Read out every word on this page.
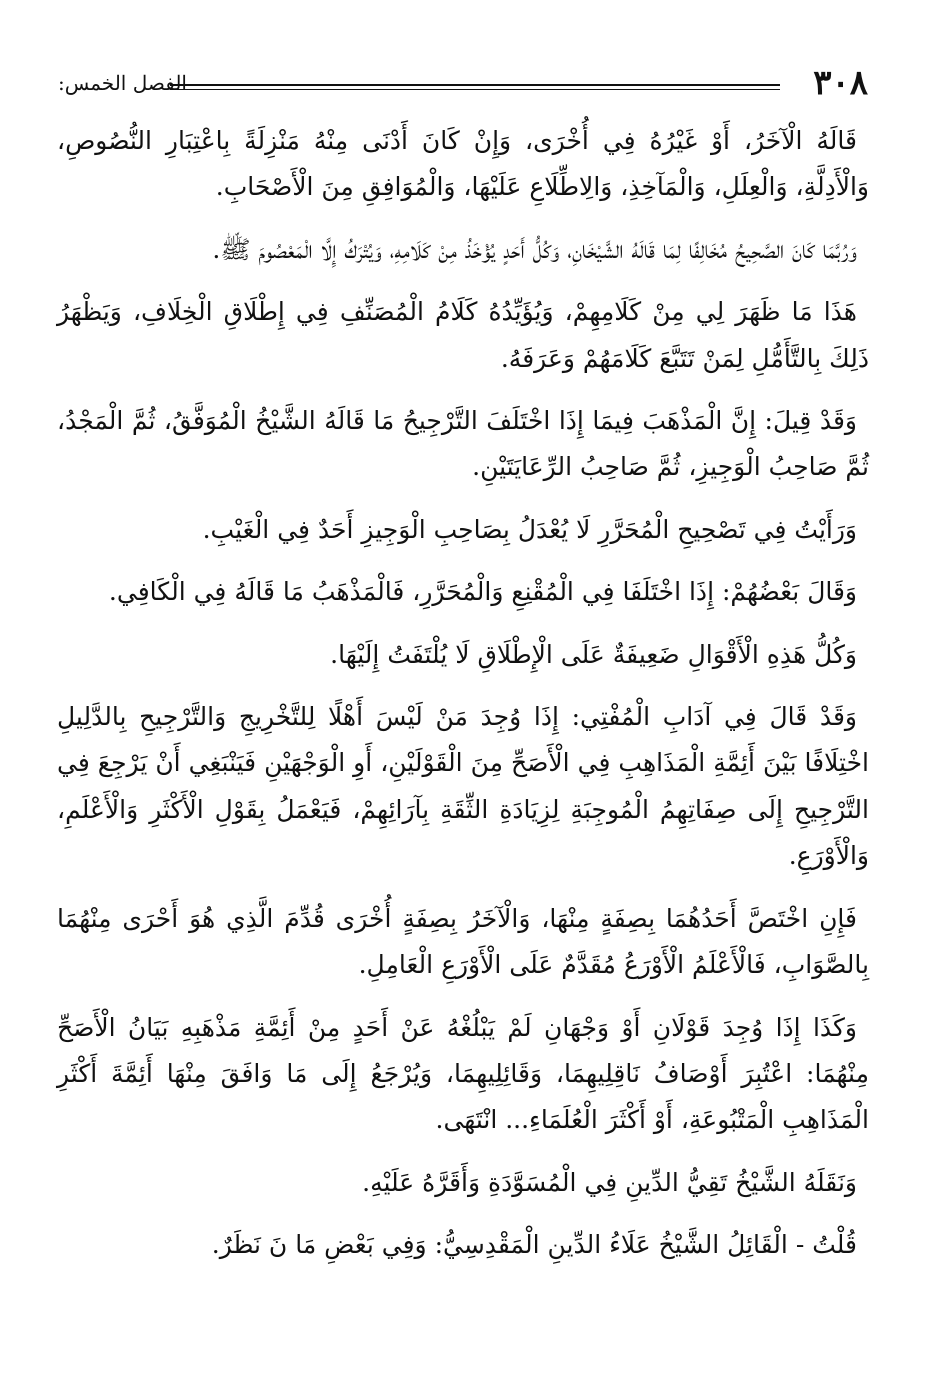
٣٠٨
الفصل الخمس:

قَالَهُ الْآخَرُ، أَوْ غَيْرُهُ فِي أُخْرَى، وَإِنْ كَانَ أَدْنَى مِنْهُ مَنْزِلَةً بِاعْتِبَارِ النُّصُوصِ، وَالْأَدِلَّةِ، وَالْعِلَلِ، وَالْمَآخِذِ، وَالِاطِّلَاعِ عَلَيْهَا، وَالْمُوَافِقِ مِنَ الْأَصْحَابِ.

وَرُبَّمَا كَانَ الصَّحِيحُ مُخَالِفًا لِمَا قَالَهُ الشَّيْخَانِ، وَكُلُّ أَحَدٍ يُؤْخَذُ مِنْ كَلَامِهِ، وَيُتْرَكُ إِلَّا الْمَعْصُومَ ﷺ.

هَذَا مَا ظَهَرَ لِي مِنْ كَلَامِهِمْ، وَيُؤَيِّدُهُ كَلَامُ الْمُصَنِّفِ فِي إِطْلَاقِ الْخِلَافِ، وَيَظْهَرُ ذَلِكَ بِالتَّأَمُّلِ لِمَنْ تَتَبَّعَ كَلَامَهُمْ وَعَرَفَهُ.

وَقَدْ قِيلَ: إِنَّ الْمَذْهَبَ فِيمَا إِذَا اخْتَلَفَ التَّرْجِيحُ مَا قَالَهُ الشَّيْخُ الْمُوَفَّقُ، ثُمَّ الْمَجْدُ، ثُمَّ صَاحِبُ الْوَجِيزِ، ثُمَّ صَاحِبُ الرِّعَايَتَيْنِ.

وَرَأَيْتُ فِي تَصْحِيحِ الْمُحَرَّرِ لَا يُعْدَلُ بِصَاحِبِ الْوَجِيزِ أَحَدٌ فِي الْغَيْبِ.

وَقَالَ بَعْضُهُمْ: إِذَا اخْتَلَفَا فِي الْمُقْنِعِ وَالْمُحَرَّرِ، فَالْمَذْهَبُ مَا قَالَهُ فِي الْكَافِي.

وَكُلُّ هَذِهِ الْأَقْوَالِ ضَعِيفَةٌ عَلَى الْإِطْلَاقِ لَا يُلْتَفَتُ إِلَيْهَا.

وَقَدْ قَالَ فِي آدَابِ الْمُفْتِي: إِذَا وُجِدَ مَنْ لَيْسَ أَهْلًا لِلتَّخْرِيجِ وَالتَّرْجِيحِ بِالدَّلِيلِ اخْتِلَافًا بَيْنَ أَئِمَّةِ الْمَذَاهِبِ فِي الْأَصَحِّ مِنَ الْقَوْلَيْنِ، أَوِ الْوَجْهَيْنِ فَيَنْبَغِي أَنْ يَرْجِعَ فِي التَّرْجِيحِ إِلَى صِفَاتِهِمُ الْمُوجِبَةِ لِزِيَادَةِ الثِّقَةِ بِآرَائِهِمْ، فَيَعْمَلُ بِقَوْلِ الْأَكْثَرِ وَالْأَعْلَمِ، وَالْأَوْرَعِ.

فَإِنِ اخْتَصَّ أَحَدُهُمَا بِصِفَةٍ مِنْهَا، وَالْآخَرُ بِصِفَةٍ أُخْرَى قُدِّمَ الَّذِي هُوَ أَحْرَى مِنْهُمَا بِالصَّوَابِ، فَالْأَعْلَمُ الْأَوْرَعُ مُقَدَّمٌ عَلَى الْأَوْرَعِ الْعَامِلِ.

وَكَذَا إِذَا وُجِدَ قَوْلَانِ أَوْ وَجْهَانِ لَمْ يَبْلُغْهُ عَنْ أَحَدٍ مِنْ أَئِمَّةِ مَذْهَبِهِ بَيَانُ الْأَصَحِّ مِنْهُمَا: اعْتُبِرَ أَوْصَافُ نَاقِلِيهِمَا، وَقَائِلِيهِمَا، وَيُرْجَعُ إِلَى مَا وَافَقَ مِنْهَا أَئِمَّةَ أَكْثَرِ الْمَذَاهِبِ الْمَتْبُوعَةِ، أَوْ أَكْثَرَ الْعُلَمَاءِ... انْتَهَى.

وَنَقَلَهُ الشَّيْخُ تَقِيُّ الدِّينِ فِي الْمُسَوَّدَةِ وَأَقَرَّهُ عَلَيْهِ.

قُلْتُ - الْقَائِلُ الشَّيْخُ عَلَاءُ الدِّينِ الْمَقْدِسِيُّ: وَفِي بَعْضِ مَا نَ نَظَرٌ.
